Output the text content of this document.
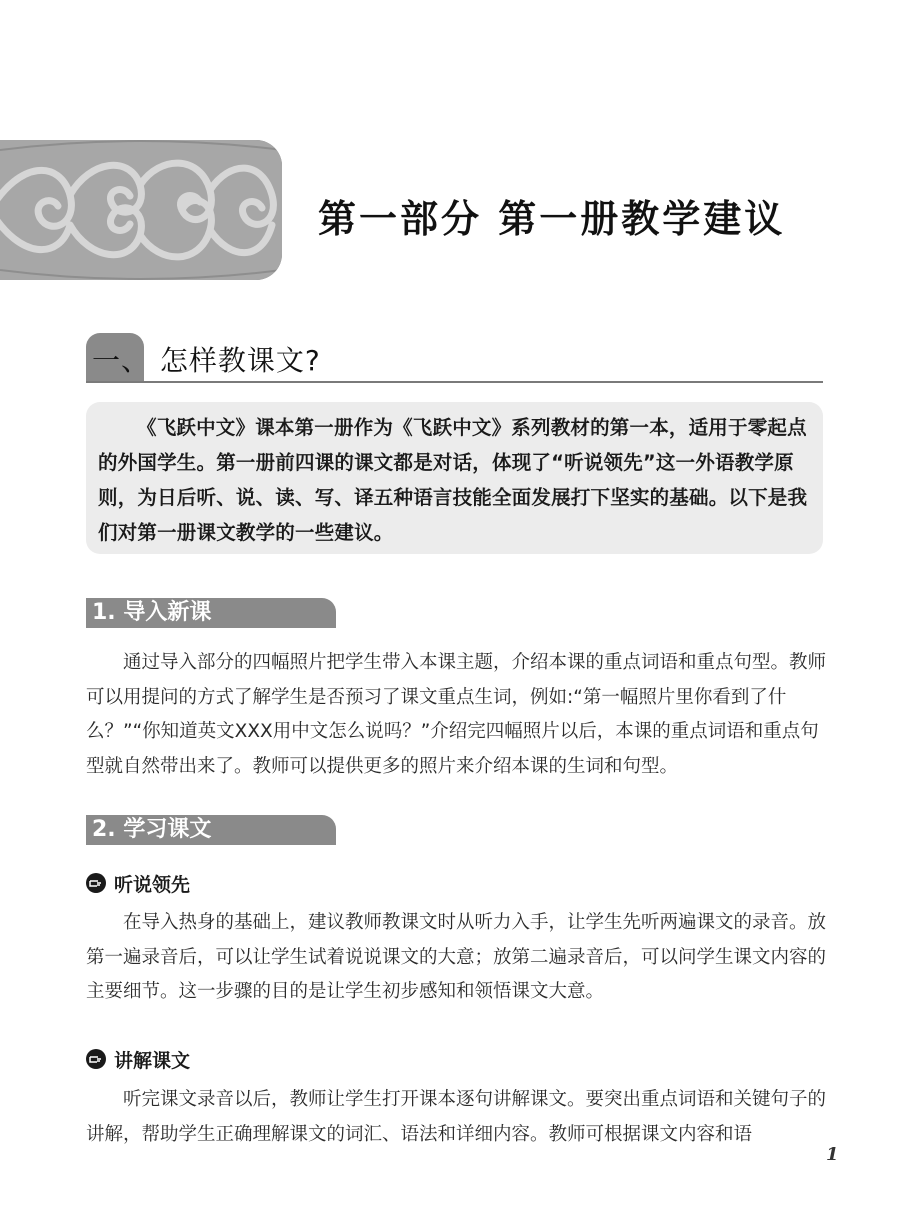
第一部分 第一册教学建议
一、 怎样教课文?

《飞跃中文》课本第一册作为《飞跃中文》系列教材的第一本，适用于零起点的外国学生。第一册前四课的课文都是对话，体现了“听说领先”这一外语教学原则，为日后听、说、读、写、译五种语言技能全面发展打下坚实的基础。以下是我们对第一册课文教学的一些建议。

1. 导入新课

通过导入部分的四幅照片把学生带入本课主题，介绍本课的重点词语和重点句型。教师可以用提问的方式了解学生是否预习了课文重点生词，例如:“第一幅照片里你看到了什么？”“你知道英文XXX用中文怎么说吗？”介绍完四幅照片以后，本课的重点词语和重点句型就自然带出来了。教师可以提供更多的照片来介绍本课的生词和句型。

2. 学习课文
听说领先

在导入热身的基础上，建议教师教课文时从听力入手，让学生先听两遍课文的录音。放第一遍录音后，可以让学生试着说说课文的大意；放第二遍录音后，可以问学生课文内容的主要细节。这一步骤的目的是让学生初步感知和领悟课文大意。

讲解课文

听完课文录音以后，教师让学生打开课本逐句讲解课文。要突出重点词语和关键句子的讲解，帮助学生正确理解课文的词汇、语法和详细内容。教师可根据课文内容和语

1
